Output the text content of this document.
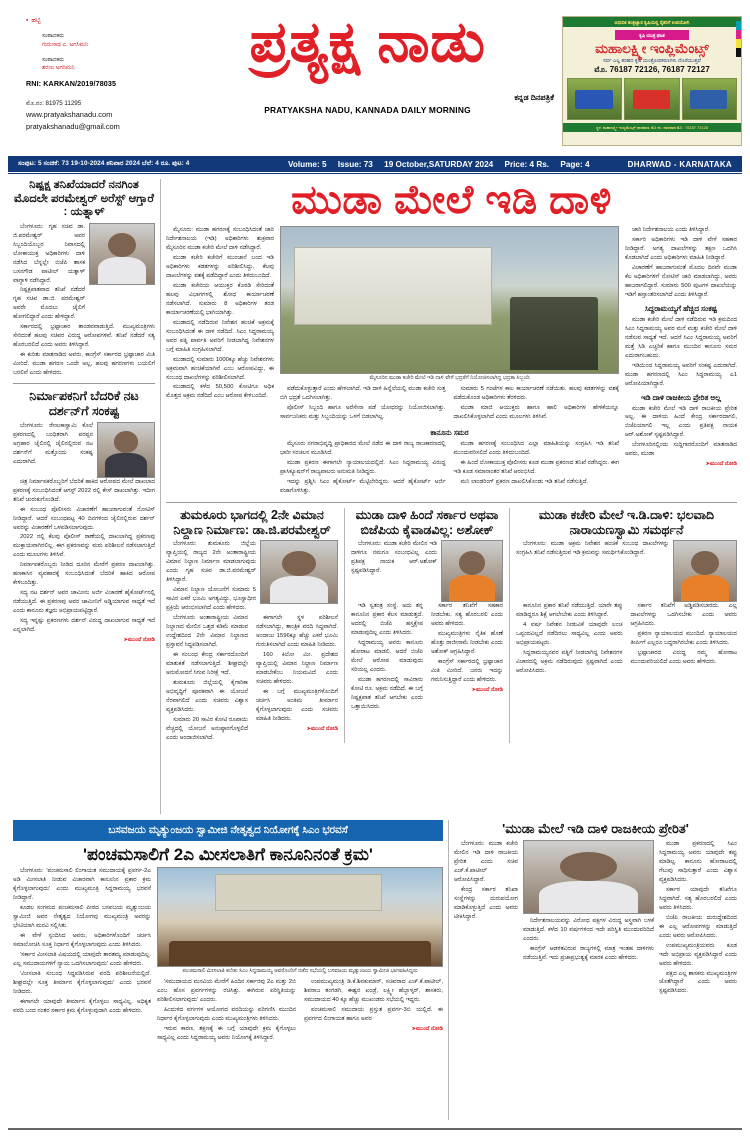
▪ ಹಟ್ಟಿ
ಸಂಪಾದಕರು
ಗುರುನಾಥ ಎ. ಅಗಸಿಮನಿ
ಸಂಪಾದಕರು
ಶರಣು ಅಗಸಿಮನಿ
RNI: KARKAN/2019/78035
ಮೊ.ನಂ: 81975 11295
www.pratyakshanadu.com
pratyakshanadu@gmail.com
ಪ್ರತ್ಯಕ್ಷ ನಾಡು
ಕನ್ನಡ ದಿನಪತ್ರಿಕೆ
PRATYAKSHA NADU, KANNADA DAILY MORNING
ಆಧುನಿಕ ತಂತ್ರಜ್ಞಾನ ಕೃಷಿಯಲ್ಲಿ ರೈತರಿಗೆ ಉಪಯೋಗಿ
ಕೃಷಿ ಯಂತ್ರ ಘಟಕ
ಮಹಾಲಕ್ಷ್ಮೀ ಇಂಪ್ಲಿಮೆಂಟ್ಸ್
ಸರ್ವ ಎಲ್ಲ ತರಹದ ಕೃಷಿ ಯಂತ್ರೋಪಕರಣಗಳು ದೊರೆಯುತ್ತವೆ
ಮೊ. 76187 72126, 76187 72127
ಸ್ಥಳ: ಮಹಾಲಕ್ಷ್ಮೀ ಇಂಪ್ಲಿಮೆಂಟ್ಸ್ ಧಾರವಾಡ, ಮೊ ನಂ. ಧಾರವಾಡ ಮೊ : 76187 72126
ಸಂಪುಟ: 5 ಸಂಚಿಕೆ: 73 19-10-2024 ಶನಿವಾರ 2024 ಬೆಲೆ: 4 ರೂ. ಪುಟ: 4	Volume: 5 Issue: 73 19 October,SATURDAY 2024 Price: 4 Rs. Page: 4	DHARWAD - KARNATAKA
ನಿಷ್ಪಕ್ಷ ತನಿಖೆಯಾದರೆ ನನಗಿಂತ ಮೊದಲೇ ಪರಮೇಶ್ವರ್ ಅರೆಸ್ಟ್ ಆಗ್ತಾರೆ : ಯತ್ನಾಳ್

ಬೆಂಗಳೂರು: ಗೃಹ ಸಚಿವ ಡಾ. ಜಿ.ಪರಮೇಶ್ವರ್ ಅವರ ಸಿಬ್ಬಂದಿಯೊಬ್ಬರ ನಿವಾಸದಲ್ಲಿ ಲೋಕಾಯುಕ್ತ ಅಧಿಕಾರಿಗಳು ದಾಳಿ ನಡೆಸಿದ ಬೆನ್ನಲ್ಲೇ ಬಿಜೆಪಿ ಶಾಸಕ ಬಸನಗೌಡ ಪಾಟೀಲ್ ಯತ್ನಾಳ್ ವಾಗ್ದಾಳಿ ನಡೆಸಿದ್ದಾರೆ.

ನಿಷ್ಪಕ್ಷಪಾತವಾದ ತನಿಖೆ ನಡೆದರೆ ಗೃಹ ಸಚಿವ ಡಾ.ಜಿ. ಪರಮೇಶ್ವರ್ ಅವರೇ ಮೊದಲು ಜೈಲಿಗೆ ಹೋಗಲಿದ್ದಾರೆ ಎಂದು ಹೇಳಿದ್ದಾರೆ.

ಸರ್ಕಾರದಲ್ಲಿ ಭ್ರಷ್ಟಾಚಾರ ತಾಂಡವವಾಡುತ್ತಿದೆ. ಮುಖ್ಯಮಂತ್ರಿಗಳು ಸೇರಿದಂತೆ ಹಲವು ಸಚಿವರ ವಿರುದ್ಧ ಆರೋಪಗಳಿವೆ. ತನಿಖೆ ನಡೆದರೆ ಸತ್ಯ ಹೊರಬರಲಿದೆ ಎಂದು ಅವರು ತಿಳಿಸಿದ್ದಾರೆ.

ಈ ಕುರಿತು ಮಾತನಾಡಿದ ಅವರು, ಕಾಂಗ್ರೆಸ್ ಸರ್ಕಾರದ ಭ್ರಷ್ಟಾಚಾರ ಮಿತಿ ಮೀರಿದೆ. ಮುಡಾ ಹಗರಣ ಒಂದೇ ಅಲ್ಲ, ಹಲವು ಹಗರಣಗಳು ಬಯಲಿಗೆ ಬರಲಿವೆ ಎಂದು ಹೇಳಿದರು.

ನಿರ್ಮಾಪಕನಿಗೆ ಬೆದರಿಕೆ ನಟ ದರ್ಶನ್‌ಗೆ ಸಂಕಷ್ಟ

ಬೆಂಗಳೂರು: ರೇಣುಕಾಸ್ವಾಮಿ ಕೊಲೆ ಪ್ರಕರಣದಲ್ಲಿ ಬಂಧಿತರಾಗಿ ಪರಪ್ಪನ ಅಗ್ರಹಾರ ಜೈಲಿನಲ್ಲಿ ಜೈಲಿನಲ್ಲಿರುವ ನಟ ದರ್ಶನ್‌ಗೆ ಮತ್ತೊಂದು ಸಂಕಷ್ಟ ಎದುರಾಗಿದೆ.

ಚಿತ್ರ ನಿರ್ಮಾಪಕರೊಬ್ಬರಿಗೆ ಬೆದರಿಕೆ ಹಾಕಿದ ಆರೋಪದ ಮೇಲೆ ದಾಖಲಾದ ಪ್ರಕರಣಕ್ಕೆ ಸಂಬಂಧಿಸಿದಂತೆ ಆಗಸ್ಟ್ 2022 ರಲ್ಲಿ ಕೇಸ್ ದಾಖಲಾಗಿತ್ತು. ಇದೀಗ ತನಿಖೆ ಚುರುಕುಗೊಂಡಿದೆ.

ಈ ಸಂಬಂಧ ಪೊಲೀಸರು ವಿಚಾರಣೆಗೆ ಹಾಜರಾಗುವಂತೆ ನೋಟಿಸ್ ನೀಡಿದ್ದಾರೆ. ಆದರೆ ಸಂಬಂಧಪಟ್ಟ 40 ದಿನಗಳಿಂದ ಜೈಲಿನಲ್ಲಿರುವ ದರ್ಶನ್ ಅವರನ್ನು ವಿಚಾರಣೆಗೆ ಒಳಪಡಿಸಲಾಗುವುದು.

2022 ರಲ್ಲಿ ಕೆಲವು ಪೊಲೀಸ್ ಠಾಣೆಯಲ್ಲಿ ದಾಖಲಾಗಿದ್ದ ಪ್ರಕರಣವು ಮುಕ್ತಾಯವಾಗಿರಲಿಲ್ಲ. ಈಗ ಪ್ರಕರಣವನ್ನು ಮರು ಪರಿಶೀಲನೆ ನಡೆಸಲಾಗುತ್ತಿದೆ ಎಂದು ಮೂಲಗಳು ತಿಳಿಸಿವೆ.

ನಿರ್ಮಾಪಕರೊಬ್ಬರು ನೀಡಿದ ದೂರಿನ ಮೇರೆಗೆ ಪ್ರಕರಣ ದಾಖಲಾಗಿತ್ತು. ಹಣಕಾಸಿನ ವ್ಯವಹಾರಕ್ಕೆ ಸಂಬಂಧಿಸಿದಂತೆ ಬೆದರಿಕೆ ಹಾಕಿದ ಆರೋಪ ಕೇಳಿಬಂದಿತ್ತು.

ಸದ್ಯ ನಟ ದರ್ಶನ್ ಅವರ ಜಾಮೀನು ಅರ್ಜಿ ವಿಚಾರಣೆ ಹೈಕೋರ್ಟ್‌ನಲ್ಲಿ ನಡೆಯುತ್ತಿದೆ. ಈ ಪ್ರಕರಣವು ಅವರ ಜಾಮೀನಿಗೆ ಅಡ್ಡಿಯಾಗುವ ಸಾಧ್ಯತೆ ಇದೆ ಎಂದು ಕಾನೂನು ತಜ್ಞರು ಅಭಿಪ್ರಾಯಪಟ್ಟಿದ್ದಾರೆ.

ಸದ್ಯ ಇನ್ನಷ್ಟು ಪ್ರಕರಣಗಳು ದರ್ಶನ್ ವಿರುದ್ಧ ದಾಖಲಾಗುವ ಸಾಧ್ಯತೆ ಇದೆ ಎನ್ನಲಾಗಿದೆ.

➤ ಮುಂದೆ ನೋಡಿ
ಮುಡಾ ಮೇಲೆ ಇಡಿ ದಾಳಿ

ಮೈಸೂರು: ಮುಡಾ ಹಗರಣಕ್ಕೆ ಸಂಬಂಧಿಸಿದಂತೆ ಜಾರಿ ನಿರ್ದೇಶನಾಲಯ (ಇಡಿ) ಅಧಿಕಾರಿಗಳು ಶುಕ್ರವಾರ ಮೈಸೂರಿನ ಮುಡಾ ಕಚೇರಿ ಮೇಲೆ ದಾಳಿ ನಡೆಸಿದ್ದಾರೆ.

ಮುಡಾ ಕಚೇರಿ ಕಚೇರಿಗೆ ಮುಂಜಾನೆ ಬಂದ ಇಡಿ ಅಧಿಕಾರಿಗಳು ಕಡತಗಳನ್ನು ಪರಿಶೀಲಿಸಿದ್ದು, ಕೆಲವು ದಾಖಲೆಗಳನ್ನು ವಶಕ್ಕೆ ಪಡೆದಿದ್ದಾರೆ ಎಂದು ತಿಳಿದುಬಂದಿದೆ.

ಮುಡಾ ಕಚೇರಿಯ ಆಯುಕ್ತರ ಕೊಠಡಿ ಸೇರಿದಂತೆ ಹಲವು ವಿಭಾಗಗಳಲ್ಲಿ ಶೋಧ ಕಾರ್ಯಾಚರಣೆ ನಡೆಸಲಾಗಿದೆ. ಸುಮಾರು 8 ಅಧಿಕಾರಿಗಳ ತಂಡ ಕಾರ್ಯಾಚರಣೆಯಲ್ಲಿ ಭಾಗಿಯಾಗಿತ್ತು.

ಮುಡಾದಲ್ಲಿ ನಡೆದಿರುವ ನಿವೇಶನ ಹಂಚಿಕೆ ಅಕ್ರಮಕ್ಕೆ ಸಂಬಂಧಿಸಿದಂತೆ ಈ ದಾಳಿ ನಡೆದಿದೆ. ಸಿಎಂ ಸಿದ್ದರಾಮಯ್ಯ ಅವರ ಪತ್ನಿ ಪಾರ್ವತಿ ಅವರಿಗೆ ನೀಡಲಾಗಿದ್ದ ನಿವೇಶನಗಳ ಬಗ್ಗೆ ಮಾಹಿತಿ ಸಂಗ್ರಹಿಸಲಾಗಿದೆ.

ಮುಡಾದಲ್ಲಿ ಸುಮಾರು 1000ಕ್ಕೂ ಹೆಚ್ಚು ನಿವೇಶನಗಳು ಅಕ್ರಮವಾಗಿ ಹಂಚಿಕೆಯಾಗಿವೆ ಎಂಬ ಆರೋಪವಿದ್ದು, ಈ ಸಂಬಂಧ ದಾಖಲೆಗಳನ್ನು ಪರಿಶೀಲಿಸಲಾಗಿದೆ.

ಮುಡಾದಲ್ಲಿ ಕಳೆದ 50,500 ಕೋಟಿಗೂ ಅಧಿಕ ಮೊತ್ತದ ಅಕ್ರಮ ನಡೆದಿದೆ ಎಂಬ ಆರೋಪ ಕೇಳಿಬಂದಿದೆ.

ಮೈಸೂರಿನ ಮುಡಾ ಕಚೇರಿ ಮೇಲೆ ಇಡಿ ದಾಳಿ ವೇಳೆ ಭದ್ರತೆಗೆ ನಿಯೋಜಿಸಲಾಗಿದ್ದ ಭದ್ರತಾ ಸಿಬ್ಬಂದಿ

ಪಡೆದುಕೊಳ್ಳುತ್ತಾರೆ ಎಂದು ಹೇಳಲಾಗಿದೆ. ಇಡಿ ದಾಳಿ ಹಿನ್ನೆಲೆಯಲ್ಲಿ ಮುಡಾ ಕಚೇರಿ ಸುತ್ತ ಬಿಗಿ ಭದ್ರತೆ ಒದಗಿಸಲಾಗಿತ್ತು.

ಪೊಲೀಸ್ ಸಿಬ್ಬಂದಿ ಹಾಗೂ ಅರೆಸೇನಾ ಪಡೆ ಯೋಧರನ್ನು ನಿಯೋಜಿಸಲಾಗಿತ್ತು. ಸಾರ್ವಜನಿಕರು ಮತ್ತು ಸಿಬ್ಬಂದಿಯನ್ನು ಒಳಗೆ ಬಿಡಲಾಗಿಲ್ಲ.

ಸುಮಾರು 5 ಗಂಟೆಗಳ ಕಾಲ ಕಾರ್ಯಾಚರಣೆ ನಡೆಯಿತು. ಹಲವು ಕಡತಗಳನ್ನು ವಶಕ್ಕೆ ಪಡೆದುಕೊಂಡ ಅಧಿಕಾರಿಗಳು ತೆರಳಿದರು.

ಮುಡಾ ಮಾಜಿ ಆಯುಕ್ತರು ಹಾಗೂ ಹಾಲಿ ಅಧಿಕಾರಿಗಳ ಹೇಳಿಕೆಯನ್ನೂ ದಾಖಲಿಸಿಕೊಳ್ಳಲಾಗಿದೆ ಎಂದು ಮೂಲಗಳು ತಿಳಿಸಿವೆ.

ಕಾನೂನು ಸಮರ

ಮೈಸೂರು ನಗರಾಭಿವೃದ್ಧಿ ಪ್ರಾಧಿಕಾರದ ಮೇಲೆ ನಡೆದ ಈ ದಾಳಿ ರಾಜ್ಯ ರಾಜಕಾರಣದಲ್ಲಿ ಭಾರೀ ಸಂಚಲನ ಮೂಡಿಸಿದೆ.

ಮುಡಾ ಪ್ರಕರಣ ಈಗಾಗಲೇ ನ್ಯಾಯಾಲಯದಲ್ಲಿದೆ. ಸಿಎಂ ಸಿದ್ದರಾಮಯ್ಯ ವಿರುದ್ಧ ಪ್ರಾಸಿಕ್ಯೂಷನ್‌ಗೆ ರಾಜ್ಯಪಾಲರು ಅನುಮತಿ ನೀಡಿದ್ದರು.

ಇದನ್ನು ಪ್ರಶ್ನಿಸಿ ಸಿಎಂ ಹೈಕೋರ್ಟ್ ಮೆಟ್ಟಿಲೇರಿದ್ದರು. ಆದರೆ ಹೈಕೋರ್ಟ್ ಅರ್ಜಿ ವಜಾಗೊಳಿಸಿತ್ತು.

ಮುಡಾ ಹಗರಣಕ್ಕೆ ಸಂಬಂಧಿಸಿದ ಎಲ್ಲಾ ಮಾಹಿತಿಯನ್ನು ಸಂಗ್ರಹಿಸಿ ಇಡಿ ತನಿಖೆ ಮುಂದುವರಿಸಲಿದೆ ಎಂದು ತಿಳಿದುಬಂದಿದೆ.

ಈ ಹಿಂದೆ ಲೋಕಾಯುಕ್ತ ಪೊಲೀಸರು ಕೂಡ ಮುಡಾ ಪ್ರಕರಣದ ತನಿಖೆ ನಡೆಸಿದ್ದರು. ಈಗ ಇಡಿ ಕೂಡ ಸಮಾನಾಂತರ ತನಿಖೆ ಆರಂಭಿಸಿದೆ.

ಮನಿ ಲಾಂಡರಿಂಗ್ ಪ್ರಕರಣ ದಾಖಲಿಸಿಕೊಂಡು ಇಡಿ ತನಿಖೆ ನಡೆಸುತ್ತಿದೆ.

ಜಾರಿ ನಿರ್ದೇಶನಾಲಯ ಎಂದು ತಿಳಿಸಿದ್ದಾರೆ.

ಸರ್ಕಾರಿ ಅಧಿಕಾರಿಗಳು ಇಡಿ ದಾಳಿ ವೇಳೆ ಸಹಕಾರ ನೀಡಿದ್ದಾರೆ. ಅಗತ್ಯ ದಾಖಲೆಗಳನ್ನು ತಕ್ಷಣ ಒದಗಿಸಿ ಕೊಡಲಾಗಿದೆ ಎಂದು ಅಧಿಕಾರಿಗಳು ಮಾಹಿತಿ ನೀಡಿದ್ದಾರೆ.

ವಿಚಾರಣೆಗೆ ಹಾಜರಾಗುವಂತೆ ಮೊದಲ ದಿನವೇ ಮುಡಾ ಕೆಲ ಅಧಿಕಾರಿಗಳಿಗೆ ನೋಟಿಸ್ ಜಾರಿ ಮಾಡಲಾಗಿದ್ದು, ಅವರು ಹಾಜರಾಗಲಿದ್ದಾರೆ. ಸುಮಾರು 500 ಪುಟಗಳ ದಾಖಲೆಯನ್ನು ಇಡಿಗೆ ಹಸ್ತಾಂತರಿಸಲಾಗಿದೆ ಎಂದು ತಿಳಿಸಿದ್ದಾರೆ.

ಸಿದ್ದರಾಮಯ್ಯಗೆ ಹೆಚ್ಚಿದ ಸಂಕಷ್ಟ

ಮುಡಾ ಕಚೇರಿ ಮೇಲೆ ದಾಳಿ ನಡೆದಿರುವ ಇಡಿ ಕ್ರಮದಿಂದ ಸಿಎಂ ಸಿದ್ದರಾಮಯ್ಯ ಅವರ ಮನೆ ಮತ್ತು ಕಚೇರಿ ಮೇಲೆ ದಾಳಿ ನಡೆಸುವ ಸಾಧ್ಯತೆ ಇದೆ. ಆದರೆ ಸಿಎಂ ಸಿದ್ದರಾಮಯ್ಯ ಅವರಿಗೆ ಮತ್ತೆ ಸಿಡಿ ಎಚ್ಚರಿಕೆ ಹಾಗೂ ಮುಂದಿನ ಕಾನೂನು ಸಮರ ಎದುರಾಗಬಹುದು.

ಇಡಿಯಿಂದ ಸಿದ್ದರಾಮಯ್ಯ ಅವರಿಗೆ ಸಂಕಷ್ಟ ಎದುರಾಗಿದೆ. ಮುಡಾ ಹಗರಣದಲ್ಲಿ ಸಿಎಂ ಸಿದ್ದರಾಮಯ್ಯ ಎ1 ಆರೋಪಿಯಾಗಿದ್ದಾರೆ.

ಇಡಿ ದಾಳಿ ರಾಜಕೀಯ ಪ್ರೇರಿತ ಅಲ್ಲ

ಮುಡಾ ಕಚೇರಿ ಮೇಲೆ ಇಡಿ ದಾಳಿ ರಾಜಕೀಯ ಪ್ರೇರಿತ ಅಲ್ಲ. ಈ ದಾಳಿಯ ಹಿಂದೆ ಕೇಂದ್ರ ಸರ್ಕಾರದಾಗಲಿ, ಬಿಜೆಪಿಯಾಗಲಿ ಇಲ್ಲ ಎಂದು ಪ್ರತಿಪಕ್ಷ ನಾಯಕ ಆರ್.ಅಶೋಕ್ ಸ್ಪಷ್ಟಪಡಿಸಿದ್ದಾರೆ.

ಬೆಂಗಳೂರಿನಲ್ಲಿಂದು ಸುದ್ದಿಗಾರರೊಂದಿಗೆ ಮಾತನಾಡಿದ ಅವರು, ಮುಡಾ

➤ ಮುಂದೆ ನೋಡಿ
ತುಮಕೂರು ಭಾಗದಲ್ಲಿ 2ನೇ ವಿಮಾನ ನಿಲ್ದಾಣ ನಿರ್ಮಾಣ: ಡಾ.ಜಿ.ಪರಮೇಶ್ವರ್

ಬೆಂಗಳೂರು: ತುಮಕೂರು ಜಿಲ್ಲೆಯ ವ್ಯಾಪ್ತಿಯಲ್ಲಿ ರಾಜ್ಯದ 2ನೇ ಅಂತಾರಾಷ್ಟ್ರೀಯ ವಿಮಾನ ನಿಲ್ದಾಣ ನಿರ್ಮಾಣ ಮಾಡಲಾಗುವುದು ಎಂದು ಗೃಹ ಸಚಿವ ಡಾ.ಜಿ.ಪರಮೇಶ್ವರ್ ತಿಳಿಸಿದ್ದಾರೆ.

ವಿಮಾನ ನಿಲ್ದಾಣ ಯೋಜನೆಗೆ ಸುಮಾರು 5 ಸಾವಿರ ಎಕರೆ ಭೂಮಿ ಅಗತ್ಯವಿದ್ದು, ಭೂಸ್ವಾಧೀನ ಪ್ರಕ್ರಿಯೆ ಆರಂಭಿಸಲಾಗಿದೆ ಎಂದು ಹೇಳಿದರು.

ಬೆಂಗಳೂರು ಅಂತಾರಾಷ್ಟ್ರೀಯ ವಿಮಾನ ನಿಲ್ದಾಣದ ಮೇಲಿನ ಒತ್ತಡ ಕಡಿಮೆ ಮಾಡುವ ಉದ್ದೇಶದಿಂದ 2ನೇ ವಿಮಾನ ನಿಲ್ದಾಣದ ಪ್ರಸ್ತಾವನೆ ಸಿದ್ಧಪಡಿಸಲಾಗಿದೆ.

ಈ ಸಂಬಂಧ ಕೇಂದ್ರ ಸರ್ಕಾರದೊಂದಿಗೆ ಮಾತುಕತೆ ನಡೆಸಲಾಗುತ್ತಿದೆ. ಶೀಘ್ರದಲ್ಲೇ ಅನುಮೋದನೆ ಸಿಗುವ ನಿರೀಕ್ಷೆ ಇದೆ.

ತುಮಕೂರು ಜಿಲ್ಲೆಯಲ್ಲಿ ಕೈಗಾರಿಕಾ ಅಭಿವೃದ್ಧಿಗೆ ಪೂರಕವಾಗಿ ಈ ಯೋಜನೆ ನೆರವಾಗಲಿದೆ ಎಂದು ಸಚಿವರು ವಿಶ್ವಾಸ ವ್ಯಕ್ತಪಡಿಸಿದರು.

ಸುಮಾರು 20 ಸಾವಿರ ಕೋಟಿ ರೂಪಾಯಿ ವೆಚ್ಚದಲ್ಲಿ ಯೋಜನೆ ಅನುಷ್ಠಾನಗೊಳ್ಳಲಿದೆ ಎಂದು ಅಂದಾಜಿಸಲಾಗಿದೆ.

ಈಗಾಗಲೇ ಸ್ಥಳ ಪರಿಶೀಲನೆ ನಡೆಸಲಾಗಿದ್ದು, ತಾಂತ್ರಿಕ ವರದಿ ಸಿದ್ಧವಾಗಿದೆ. ಅಂದಾಜು 1596ಕ್ಕೂ ಹೆಚ್ಚು ಎಕರೆ ಭೂಮಿ ಗುರುತಿಸಲಾಗಿದೆ ಎಂದು ಮಾಹಿತಿ ನೀಡಿದರು.

160 ಕಿಲೋ ಮೀ. ಪ್ರದೇಶದ ವ್ಯಾಪ್ತಿಯಲ್ಲಿ ವಿಮಾನ ನಿಲ್ದಾಣ ನಿರ್ಮಾಣ ಮಾಡಬೇಕೆಂಬ ನಿಯಮವಿದೆ ಎಂದು ಸಚಿವರು ಹೇಳಿದರು.

ಈ ಬಗ್ಗೆ ಮುಖ್ಯಮಂತ್ರಿಗಳೊಂದಿಗೆ ಚರ್ಚಿಸಿ ಅಂತಿಮ ತೀರ್ಮಾನ ಕೈಗೊಳ್ಳಲಾಗುವುದು ಎಂದು ಸಚಿವರು ಮಾಹಿತಿ ನೀಡಿದರು.

➤ ಮುಂದೆ ನೋಡಿ
ಮುಡಾ ದಾಳಿ ಹಿಂದೆ ಸರ್ಕಾರ ಅಥವಾ ಬಿಜೆಪಿಯ ಕೈವಾಡವಿಲ್ಲ: ಅಶೋಕ್

ಬೆಂಗಳೂರು: ಮುಡಾ ಕಚೇರಿ ಮೇಲಿನ ಇಡಿ ದಾಳಿಗೂ ನಮಗೂ ಸಂಬಂಧವಿಲ್ಲ ಎಂದು ಪ್ರತಿಪಕ್ಷ ನಾಯಕ ಆರ್.ಅಶೋಕ್ ಸ್ಪಷ್ಟಪಡಿಸಿದ್ದಾರೆ.

ಇಡಿ ಸ್ವತಂತ್ರ ಸಂಸ್ಥೆ. ಅದು ತನ್ನ ಕಾನೂನಿನ ಪ್ರಕಾರ ಕೆಲಸ ಮಾಡುತ್ತದೆ. ಅದರಲ್ಲಿ ಬಿಜೆಪಿ ಹಸ್ತಕ್ಷೇಪ ಮಾಡುವುದಿಲ್ಲ ಎಂದು ತಿಳಿಸಿದರು.

ಸಿದ್ದರಾಮಯ್ಯ ಅವರು ಕಾನೂನು ಹೋರಾಟ ಮಾಡಲಿ. ಆದರೆ ಬಿಜೆಪಿ ಮೇಲೆ ಆರೋಪ ಮಾಡುವುದು ಸರಿಯಲ್ಲ ಎಂದರು.

ಮುಡಾ ಹಗರಣದಲ್ಲಿ ಸಾವಿರಾರು ಕೋಟಿ ರೂ. ಅಕ್ರಮ ನಡೆದಿದೆ. ಈ ಬಗ್ಗೆ ನಿಷ್ಪಕ್ಷಪಾತ ತನಿಖೆ ಆಗಬೇಕು ಎಂದು ಒತ್ತಾಯಿಸಿದರು.

ಸರ್ಕಾರ ತನಿಖೆಗೆ ಸಹಕಾರ ನೀಡಬೇಕು. ಸತ್ಯ ಹೊರಬರಲಿ ಎಂದು ಅವರು ಹೇಳಿದರು.

ಮುಖ್ಯಮಂತ್ರಿಗಳು ನೈತಿಕ ಹೊಣೆ ಹೊತ್ತು ರಾಜೀನಾಮೆ ನೀಡಬೇಕು ಎಂದು ಅಶೋಕ್ ಆಗ್ರಹಿಸಿದ್ದಾರೆ.

ಕಾಂಗ್ರೆಸ್ ಸರ್ಕಾರದಲ್ಲಿ ಭ್ರಷ್ಟಾಚಾರ ಮಿತಿ ಮೀರಿದೆ. ಜನರು ಇದನ್ನು ಗಮನಿಸುತ್ತಿದ್ದಾರೆ ಎಂದು ಹೇಳಿದರು.

➤ ಮುಂದೆ ನೋಡಿ
ಮುಡಾ ಕಚೇರಿ ಮೇಲೆ ಇ.ಡಿ.ದಾಳಿ: ಭಲವಾದಿ ನಾರಾಯಣಸ್ವಾಮಿ ಸಮರ್ಥನೆ

ಬೆಂಗಳೂರು: ಮುಡಾ ಅಕ್ರಮ ನಿವೇಶನ ಹಂಚಿಕೆ ಸಂಬಂಧ ದಾಖಲೆಗಳನ್ನು ಸಂಗ್ರಹಿಸಿ ತನಿಖೆ ನಡೆಸುತ್ತಿರುವ ಇಡಿ ಕ್ರಮವನ್ನು ಸಮರ್ಥಿಸಿಕೊಂಡಿದ್ದಾರೆ.

ಕಾನೂನಿನ ಪ್ರಕಾರ ತನಿಖೆ ನಡೆಯುತ್ತಿದೆ. ಯಾರೇ ತಪ್ಪು ಮಾಡಿದ್ದರೂ ಶಿಕ್ಷೆ ಆಗಲೇಬೇಕು ಎಂದು ತಿಳಿಸಿದ್ದಾರೆ.

4 ವರ್ಷ ನಿವೇಶನ ನೀಡುವಿಕೆ ಯಾವುದೇ ಲಂಚ ಒಪ್ಪಂದವಿಲ್ಲದೆ ನಡೆದಿರಲು ಸಾಧ್ಯವಿಲ್ಲ ಎಂದು ಅವರು ಅಭಿಪ್ರಾಯಪಟ್ಟರು.

ಸಿದ್ದರಾಮಯ್ಯನವರ ಪತ್ನಿಗೆ ನೀಡಲಾಗಿದ್ದ ನಿವೇಶನಗಳ ವಿಚಾರದಲ್ಲಿ ಅಕ್ರಮ ನಡೆದಿರುವುದು ಸ್ಪಷ್ಟವಾಗಿದೆ ಎಂದು ಆರೋಪಿಸಿದರು.

ಸರ್ಕಾರ ತನಿಖೆಗೆ ಅಡ್ಡಿಪಡಿಸಬಾರದು. ಎಲ್ಲ ದಾಖಲೆಗಳನ್ನು ಒದಗಿಸಬೇಕು ಎಂದು ಅವರು ಆಗ್ರಹಿಸಿದರು.

ಪ್ರಕರಣ ನ್ಯಾಯಾಲಯದ ಮುಂದಿದೆ. ನ್ಯಾಯಾಲಯದ ತೀರ್ಪಿಗೆ ಎಲ್ಲರೂ ಬದ್ಧರಾಗಿರಬೇಕು ಎಂದು ತಿಳಿಸಿದರು.

ಭ್ರಷ್ಟಾಚಾರದ ವಿರುದ್ಧ ನಮ್ಮ ಹೋರಾಟ ಮುಂದುವರಿಯಲಿದೆ ಎಂದು ಅವರು ಹೇಳಿದರು.

ಬಸವಜಯ ಮೃತ್ಯುಂಜಯ ಸ್ವಾಮೀಜಿ ನೇತೃತ್ವದ ನಿಯೋಗಕ್ಕೆ ಸಿಎಂ ಭರವಸೆ
'ಪಂಚಮಸಾಲಿಗೆ 2ಎ ಮೀಸಲಾತಿಗೆ ಕಾನೂನಿನಂತೆ ಕ್ರಮ'

ಬೆಂಗಳೂರು: 'ಪಂಚಮಸಾಲಿ ಲಿಂಗಾಯತ ಸಮುದಾಯಕ್ಕೆ ಪ್ರವರ್ಗ-2ಎ ಅಡಿ ಮೀಸಲಾತಿ ನೀಡುವ ವಿಚಾರವಾಗಿ ಕಾನೂನಿನ ಪ್ರಕಾರ ಕ್ರಮ ಕೈಗೊಳ್ಳಲಾಗುವುದು' ಎಂದು ಮುಖ್ಯಮಂತ್ರಿ ಸಿದ್ದರಾಮಯ್ಯ ಭರವಸೆ ನೀಡಿದ್ದಾರೆ.

ಕೂಡಲ ಸಂಗಮದ ಪಂಚಮಸಾಲಿ ಪೀಠದ ಬಸವಜಯ ಮೃತ್ಯುಂಜಯ ಸ್ವಾಮೀಜಿ ಅವರ ನೇತೃತ್ವದ ನಿಯೋಗವು ಮುಖ್ಯಮಂತ್ರಿ ಅವರನ್ನು ಭೇಟಿಯಾಗಿ ಮನವಿ ಸಲ್ಲಿಸಿತು.

ಈ ವೇಳೆ ಸ್ಪಂದಿಸಿದ ಅವರು, ಅಧಿಕಾರಿಗಳೊಂದಿಗೆ ಚರ್ಚಿಸಿ ಸಮಾಲೋಚಿಸಿ ಸೂಕ್ತ ನಿರ್ಧಾರ ಕೈಗೊಳ್ಳಲಾಗುವುದು ಎಂದು ತಿಳಿಸಿದರು.

'ಸರ್ಕಾರ ಮೀಸಲಾತಿ ವಿಷಯದಲ್ಲಿ ಯಾವುದೇ ತಾರತಮ್ಯ ಮಾಡುವುದಿಲ್ಲ. ಎಲ್ಲ ಸಮುದಾಯಗಳಿಗೆ ನ್ಯಾಯ ಒದಗಿಸಲಾಗುವುದು' ಎಂದು ಹೇಳಿದರು.

'ಮೀಸಲಾತಿ ಸಂಬಂಧ ಸಿದ್ಧಪಡಿಸಿರುವ ವರದಿ ಪರಿಶೀಲನೆಯಲ್ಲಿದೆ. ಶೀಘ್ರದಲ್ಲೇ ಸೂಕ್ತ ತೀರ್ಮಾನ ಕೈಗೊಳ್ಳಲಾಗುವುದು' ಎಂದು ಭರವಸೆ ನೀಡಿದರು.

ಈಗಾಗಲೇ ಯಾವುದೇ ತೀರ್ಮಾನ ಕೈಗೊಳ್ಳಲು ಸಾಧ್ಯವಿಲ್ಲ. ಅಧಿಕೃತ ವರದಿ ಬಂದ ನಂತರ ಸರ್ಕಾರ ಕ್ರಮ ಕೈಗೊಳ್ಳುವುದಾಗಿ ಎಂದು ಹೇಳಿದರು.

ಪಂಚಮಸಾಲಿ ಮೀಸಲಾತಿ ಕುರಿತು ಸಿಎಂ ಸಿದ್ದರಾಮಯ್ಯ ಅವರೊಂದಿಗೆ ನಡೆದ ಸಭೆಯಲ್ಲಿ ಬಸವಜಯ ಮೃತ್ಯುಂಜಯ ಸ್ವಾಮೀಜಿ ಭಾಗವಹಿಸಿದ್ದರು

'ಸಮುದಾಯದ ಮನವಿಯ ಮೇರೆಗೆ ಹಿಂದಿನ ಸರ್ಕಾರವು 2ಎ ಮತ್ತು 2ಬಿ ಎಂಬ ಹೊಸ ಪ್ರವರ್ಗಗಳನ್ನು ರಚಿಸಿತ್ತು. ಈಗಿರುವ ಪರಿಸ್ಥಿತಿಯನ್ನು ಪರಿಶೀಲಿಸಲಾಗುವುದು' ಎಂದರು.

ಹಿಂದುಳಿದ ವರ್ಗಗಳ ಆಯೋಗದ ವರದಿಯನ್ನು ಪರಿಗಣಿಸಿ ಮುಂದಿನ ನಿರ್ಧಾರ ಕೈಗೊಳ್ಳಲಾಗುವುದು ಎಂದು ಮುಖ್ಯಮಂತ್ರಿಗಳು ತಿಳಿಸಿದರು.

ಇರುವ ಕಾರಣ, ತಕ್ಷಣಕ್ಕೆ ಈ ಬಗ್ಗೆ ಯಾವುದೇ ಕ್ರಮ ಕೈಗೊಳ್ಳಲು ಸಾಧ್ಯವಿಲ್ಲ ಎಂದು ಸಿದ್ದರಾಮಯ್ಯ ಅವರು ನಿಯೋಗಕ್ಕೆ ತಿಳಿಸಿದ್ದಾರೆ.

ಉಪಮುಖ್ಯಮಂತ್ರಿ ಡಿ.ಕೆ.ಶಿವಕುಮಾರ್, ಸಚಿವರಾದ ಎಚ್.ಕೆ.ಪಾಟೀಲ್, ಶಿವರಾಜ ತಂಗಡಗಿ, ಈಶ್ವರ ಖಂಡ್ರೆ, ಲಕ್ಷ್ಮೀ ಹೆಬ್ಬಾಳ್ಕರ್, ಶಾಸಕರು, ಸಮುದಾಯದ 40 ಕ್ಕೂ ಹೆಚ್ಚು ಮುಖಂಡರು ಸಭೆಯಲ್ಲಿ ಇದ್ದರು.

ಪಂಚಮಸಾಲಿ ಸಮುದಾಯ ಪ್ರಸ್ತುತ ಪ್ರವರ್ಗ-3ಬಿ ಯಲ್ಲಿದೆ. ಈ ಪ್ರವರ್ಗದ ಲಿಂಗಾಯತ ಹಾಗೂ ಅವರ

➤ ಮುಂದೆ ನೋಡಿ
'ಮುಡಾ ಮೇಲೆ ಇಡಿ ದಾಳಿ ರಾಜಕೀಯ ಪ್ರೇರಿತ'

ಬೆಂಗಳೂರು: ಮುಡಾ ಕಚೇರಿ ಮೇಲಿನ ಇಡಿ ದಾಳಿ ರಾಜಕೀಯ ಪ್ರೇರಿತ ಎಂದು ಸಚಿವ ಎಚ್.ಕೆ.ಪಾಟೀಲ್ ಆರೋಪಿಸಿದ್ದಾರೆ.

ಕೇಂದ್ರ ಸರ್ಕಾರ ತನಿಖಾ ಸಂಸ್ಥೆಗಳನ್ನು ದುರುಪಯೋಗ ಮಾಡಿಕೊಳ್ಳುತ್ತಿದೆ ಎಂದು ಅವರು ಟೀಕಿಸಿದ್ದಾರೆ.

ನಿರ್ದೇಶನಾಲಯವನ್ನು ವಿರೋಧ ಪಕ್ಷಗಳ ವಿರುದ್ಧ ಅಸ್ತ್ರವಾಗಿ ಬಳಕೆ ಮಾಡುತ್ತಿದೆ. ಕಳೆದ 10 ವರ್ಷಗಳಿಂದ ಇದೇ ಪರಿಸ್ಥಿತಿ ಮುಂದುವರಿದಿದೆ ಎಂದರು.

ಕಾಂಗ್ರೆಸ್ ಆಡಳಿತವಿರುವ ರಾಜ್ಯಗಳಲ್ಲಿ ಮಾತ್ರ ಇಂತಹ ದಾಳಿಗಳು ನಡೆಯುತ್ತಿವೆ. ಇದು ಪ್ರಜಾಪ್ರಭುತ್ವಕ್ಕೆ ಮಾರಕ ಎಂದು ಹೇಳಿದರು.

ಮುಡಾ ಪ್ರಕರಣದಲ್ಲಿ ಸಿಎಂ ಸಿದ್ದರಾಮಯ್ಯ ಅವರು ಯಾವುದೇ ತಪ್ಪು ಮಾಡಿಲ್ಲ. ಕಾನೂನು ಹೋರಾಟದಲ್ಲಿ ಗೆಲುವು ಸಾಧಿಸುತ್ತಾರೆ ಎಂದು ವಿಶ್ವಾಸ ವ್ಯಕ್ತಪಡಿಸಿದರು.

ಸರ್ಕಾರ ಯಾವುದೇ ತನಿಖೆಗೂ ಸಿದ್ಧವಾಗಿದೆ. ಸತ್ಯ ಹೊರಬರಲಿದೆ ಎಂದು ಅವರು ತಿಳಿಸಿದರು.

ಬಿಜೆಪಿ ರಾಜಕೀಯ ದುರುದ್ದೇಶದಿಂದ ಈ ಎಲ್ಲ ಆರೋಪಗಳನ್ನು ಮಾಡುತ್ತಿದೆ ಎಂದು ಅವರು ಆರೋಪಿಸಿದರು.

ಉಪಮುಖ್ಯಮಂತ್ರಿಯವರು ಕೂಡ ಇದೇ ಅಭಿಪ್ರಾಯ ವ್ಯಕ್ತಪಡಿಸಿದ್ದಾರೆ ಎಂದು ಅವರು ಹೇಳಿದರು.

ಪಕ್ಷದ ಎಲ್ಲ ಶಾಸಕರು ಮುಖ್ಯಮಂತ್ರಿಗಳ ಜೊತೆಗಿದ್ದಾರೆ ಎಂದು ಅವರು ಸ್ಪಷ್ಟಪಡಿಸಿದರು.
